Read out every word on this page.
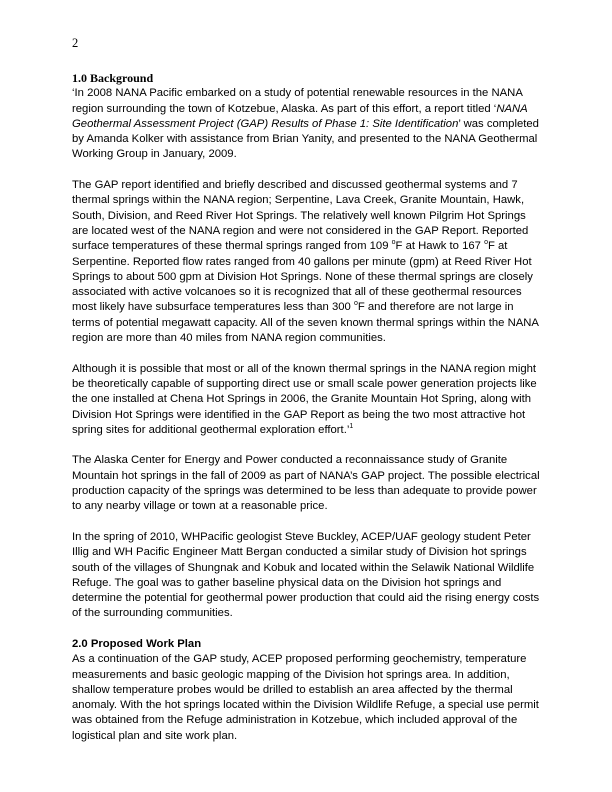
2
1.0 Background

‘In 2008 NANA Pacific embarked on a study of potential renewable resources in the NANA region surrounding the town of Kotzebue, Alaska. As part of this effort, a report titled ‘NANA Geothermal Assessment Project (GAP) Results of Phase 1: Site Identification’ was completed by Amanda Kolker with assistance from Brian Yanity, and presented to the NANA Geothermal Working Group in January, 2009.

The GAP report identified and briefly described and discussed geothermal systems and 7 thermal springs within the NANA region; Serpentine, Lava Creek, Granite Mountain, Hawk, South, Division, and Reed River Hot Springs. The relatively well known Pilgrim Hot Springs are located west of the NANA region and were not considered in the GAP Report. Reported surface temperatures of these thermal springs ranged from 109 $^o$F at Hawk to 167 $^o$F at Serpentine. Reported flow rates ranged from 40 gallons per minute (gpm) at Reed River Hot Springs to about 500 gpm at Division Hot Springs. None of these thermal springs are closely associated with active volcanoes so it is recognized that all of these geothermal resources most likely have subsurface temperatures less than 300 $^o$F and therefore are not large in terms of potential megawatt capacity. All of the seven known thermal springs within the NANA region are more than 40 miles from NANA region communities.

Although it is possible that most or all of the known thermal springs in the NANA region might be theoretically capable of supporting direct use or small scale power generation projects like the one installed at Chena Hot Springs in 2006, the Granite Mountain Hot Spring, along with Division Hot Springs were identified in the GAP Report as being the two most attractive hot spring sites for additional geothermal exploration effort.’$^1$

The Alaska Center for Energy and Power conducted a reconnaissance study of Granite Mountain hot springs in the fall of 2009 as part of NANA’s GAP project. The possible electrical production capacity of the springs was determined to be less than adequate to provide power to any nearby village or town at a reasonable price.

In the spring of 2010, WHPacific geologist Steve Buckley, ACEP/UAF geology student Peter Illig and WH Pacific Engineer Matt Bergan conducted a similar study of Division hot springs south of the villages of Shungnak and Kobuk and located within the Selawik National Wildlife Refuge. The goal was to gather baseline physical data on the Division hot springs and determine the potential for geothermal power production that could aid the rising energy costs of the surrounding communities.

2.0 Proposed Work Plan

As a continuation of the GAP study, ACEP proposed performing geochemistry, temperature measurements and basic geologic mapping of the Division hot springs area. In addition, shallow temperature probes would be drilled to establish an area affected by the thermal anomaly. With the hot springs located within the Division Wildlife Refuge, a special use permit was obtained from the Refuge administration in Kotzebue, which included approval of the logistical plan and site work plan.
